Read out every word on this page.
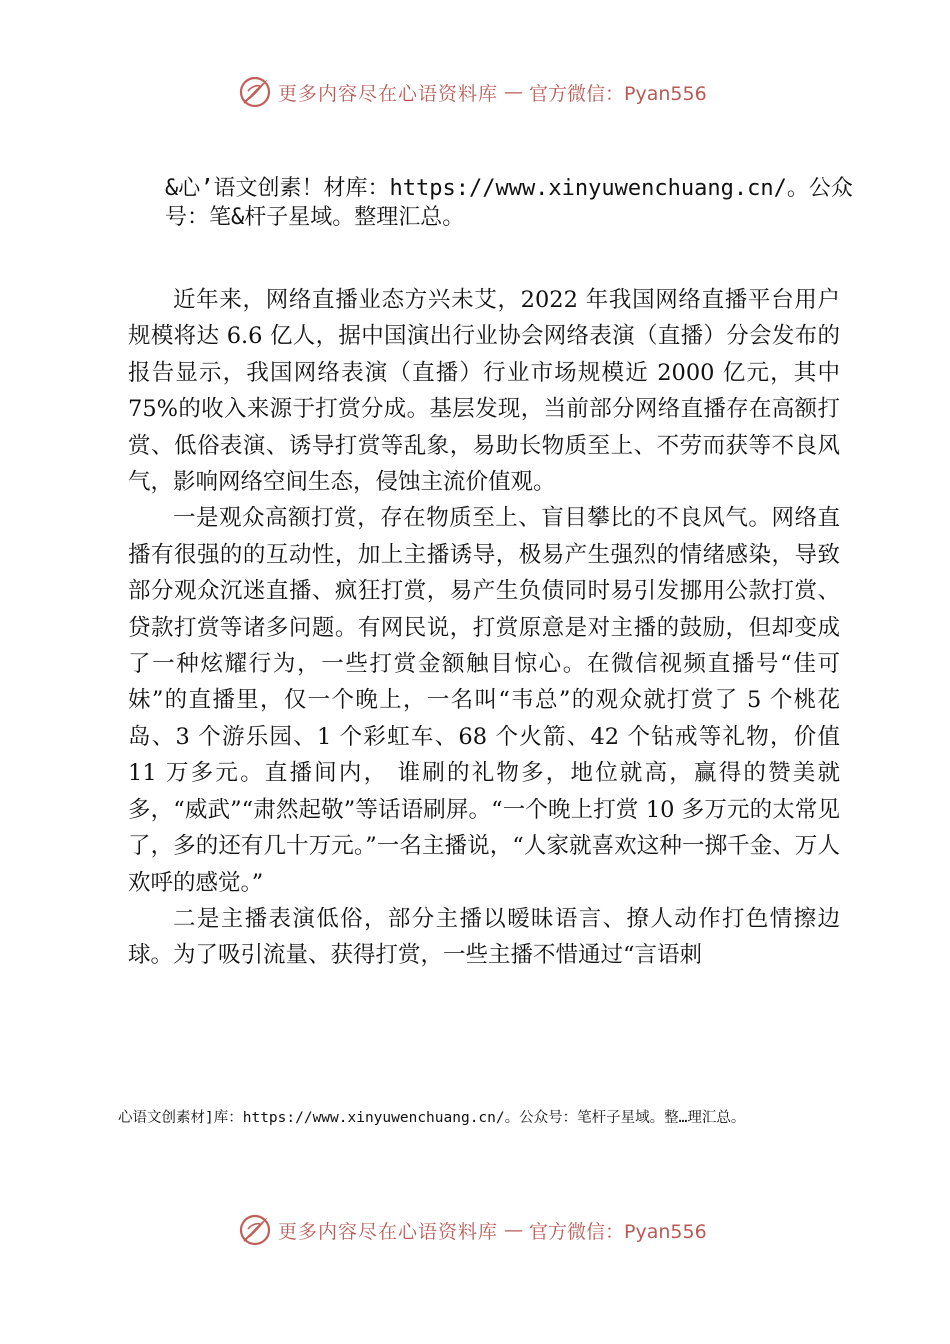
更多内容尽在心语资料库 — 官方微信：Pyan556
&心’语文创素！材库：https://www.xinyuwenchuang.cn/。公众号：笔&杆子星域。整理汇总。

近年来，网络直播业态方兴未艾，2022 年我国网络直播平台用户规模将达 6.6 亿人，据中国演出行业协会网络表演（直播）分会发布的报告显示，我国网络表演（直播）行业市场规模近 2000 亿元，其中 75%的收入来源于打赏分成。基层发现，当前部分网络直播存在高额打赏、低俗表演、诱导打赏等乱象，易助长物质至上、不劳而获等不良风气，影响网络空间生态，侵蚀主流价值观。

一是观众高额打赏，存在物质至上、盲目攀比的不良风气。网络直播有很强的的互动性，加上主播诱导，极易产生强烈的情绪感染，导致部分观众沉迷直播、疯狂打赏，易产生负债同时易引发挪用公款打赏、贷款打赏等诸多问题。有网民说，打赏原意是对主播的鼓励，但却变成了一种炫耀行为，一些打赏金额触目惊心。在微信视频直播号“佳可妹”的直播里，仅一个晚上，一名叫“韦总”的观众就打赏了 5 个桃花岛、3 个游乐园、1 个彩虹车、68 个火箭、42 个钻戒等礼物，价值 11 万多元。直播间内， 谁刷的礼物多，地位就高，赢得的赞美就多，“威武”“肃然起敬”等话语刷屏。“一个晚上打赏 10 多万元的太常见了，多的还有几十万元。”一名主播说，“人家就喜欢这种一掷千金、万人欢呼的感觉。”

二是主播表演低俗，部分主播以暧昧语言、撩人动作打色情擦边球。为了吸引流量、获得打赏，一些主播不惜通过“言语刺

心语文创素材]库：https://www.xinyuwenchuang.cn/。公众号：笔杆子星域。整…理汇总。
更多内容尽在心语资料库 — 官方微信：Pyan556
